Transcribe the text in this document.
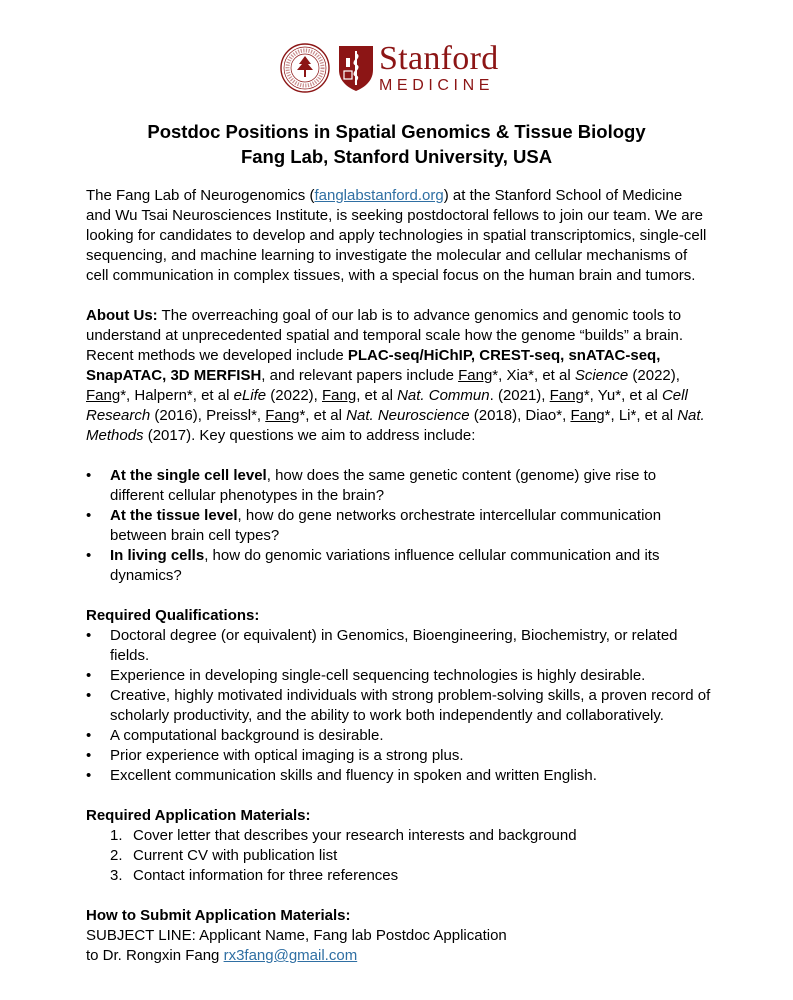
Stanford
MEDICINE
Postdoc Positions in Spatial Genomics & Tissue Biology
Fang Lab, Stanford University, USA

The Fang Lab of Neurogenomics (fanglabstanford.org) at the Stanford School of Medicine and Wu Tsai Neurosciences Institute, is seeking postdoctoral fellows to join our team. We are looking for candidates to develop and apply technologies in spatial transcriptomics, single-cell sequencing, and machine learning to investigate the molecular and cellular mechanisms of cell communication in complex tissues, with a special focus on the human brain and tumors.

About Us: The overreaching goal of our lab is to advance genomics and genomic tools to understand at unprecedented spatial and temporal scale how the genome “builds” a brain. Recent methods we developed include PLAC-seq/HiChIP, CREST-seq, snATAC-seq, SnapATAC, 3D MERFISH, and relevant papers include Fang*, Xia*, et al Science (2022), Fang*, Halpern*, et al eLife (2022), Fang, et al Nat. Commun. (2021), Fang*, Yu*, et al Cell Research (2016), Preissl*, Fang*, et al Nat. Neuroscience (2018), Diao*, Fang*, Li*, et al Nat. Methods (2017). Key questions we aim to address include:

• At the single cell level, how does the same genetic content (genome) give rise to different cellular phenotypes in the brain?
• At the tissue level, how do gene networks orchestrate intercellular communication between brain cell types?
• In living cells, how do genomic variations influence cellular communication and its dynamics?

Required Qualifications:

• Doctoral degree (or equivalent) in Genomics, Bioengineering, Biochemistry, or related fields.
• Experience in developing single-cell sequencing technologies is highly desirable.
• Creative, highly motivated individuals with strong problem-solving skills, a proven record of scholarly productivity, and the ability to work both independently and collaboratively.
• A computational background is desirable.
• Prior experience with optical imaging is a strong plus.
• Excellent communication skills and fluency in spoken and written English.

Required Application Materials:

1. Cover letter that describes your research interests and background
2. Current CV with publication list
3. Contact information for three references

How to Submit Application Materials:

SUBJECT LINE: Applicant Name, Fang lab Postdoc Application

to Dr. Rongxin Fang rx3fang@gmail.com
